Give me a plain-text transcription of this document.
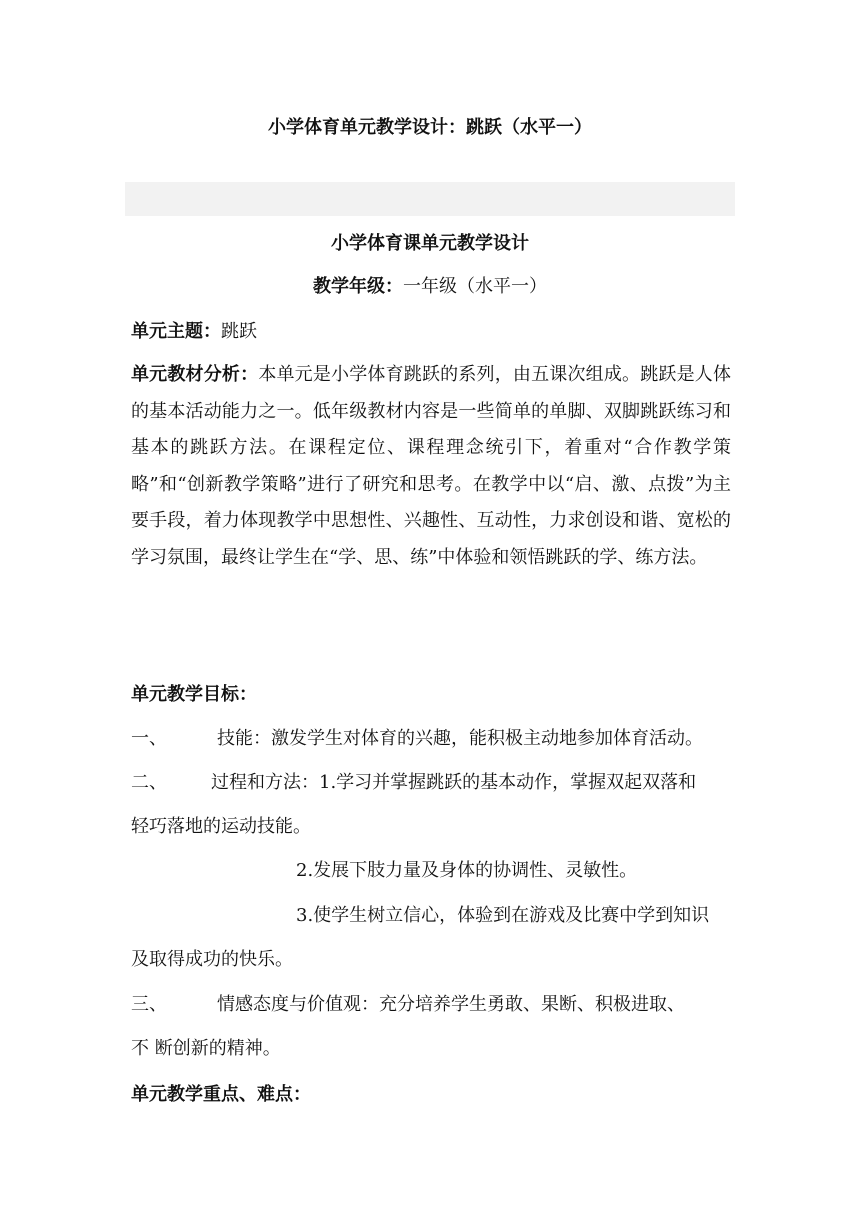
小学体育单元教学设计：跳跃（水平一）
小学体育课单元教学设计
教学年级：一年级（水平一）
单元主题：跳跃
单元教材分析：本单元是小学体育跳跃的系列，由五课次组成。跳跃是人体的基本活动能力之一。低年级教材内容是一些简单的单脚、双脚跳跃练习和基本的跳跃方法。在课程定位、课程理念统引下，着重对“合作教学策略”和“创新教学策略”进行了研究和思考。在教学中以“启、激、点拨”为主要手段，着力体现教学中思想性、兴趣性、互动性，力求创设和谐、宽松的学习氛围，最终让学生在“学、思、练”中体验和领悟跳跃的学、练方法。
单元教学目标：
一、	技能：激发学生对体育的兴趣，能积极主动地参加体育活动。
二、 过程和方法：1.学习并掌握跳跃的基本动作，掌握双起双落和
轻巧落地的运动技能。
2.发展下肢力量及身体的协调性、灵敏性。
3.使学生树立信心，体验到在游戏及比赛中学到知识
及取得成功的快乐。
三、	情感态度与价值观：充分培养学生勇敢、果断、积极进取、
不 断创新的精神。
单元教学重点、难点：
